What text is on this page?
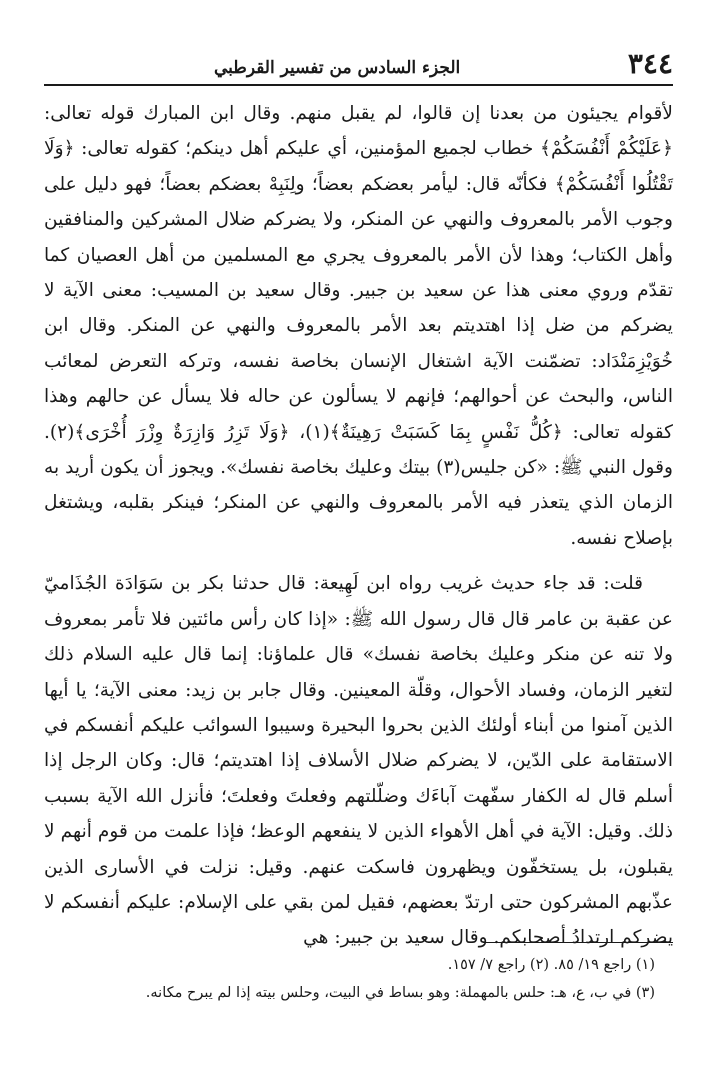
٣٤٤
الجزء السادس من تفسير القرطبي

لأقوام يجيئون من بعدنا إن قالوا، لم يقبل منهم. وقال ابن المبارك قوله تعالى: ﴿عَلَيْكُمْ أَنْفُسَكُمْ﴾ خطاب لجميع المؤمنين، أي عليكم أهل دينكم؛ كقوله تعالى: ﴿وَلَا تَقْتُلُوا أَنْفُسَكُمْ﴾ فكأنّه قال: ليأمر بعضكم بعضاً؛ ولِنَبِهْ بعضكم بعضاً؛ فهو دليل على وجوب الأمر بالمعروف والنهي عن المنكر، ولا يضركم ضلال المشركين والمنافقين وأهل الكتاب؛ وهذا لأن الأمر بالمعروف يجري مع المسلمين من أهل العصيان كما تقدّم وروي معنى هذا عن سعيد بن جبير. وقال سعيد بن المسيب: معنى الآية لا يضركم من ضل إذا اهتديتم بعد الأمر بالمعروف والنهي عن المنكر. وقال ابن خُوَيْزِمَنْدَاد: تضمّنت الآية اشتغال الإنسان بخاصة نفسه، وتركه التعرض لمعائب الناس، والبحث عن أحوالهم؛ فإنهم لا يسألون عن حاله فلا يسأل عن حالهم وهذا كقوله تعالى: ﴿كُلُّ نَفْسٍ بِمَا كَسَبَتْ رَهِينَةٌ﴾(١)، ﴿وَلَا تَزِرُ وَازِرَةٌ وِزْرَ أُخْرَى﴾(٢). وقول النبي ﷺ: «كن جليس(٣) بيتك وعليك بخاصة نفسك». ويجوز أن يكون أريد به الزمان الذي يتعذر فيه الأمر بالمعروف والنهي عن المنكر؛ فينكر بقلبه، ويشتغل بإصلاح نفسه.

قلت: قد جاء حديث غريب رواه ابن لَهِيعة: قال حدثنا بكر بن سَوَادَة الجُذَاميّ عن عقبة بن عامر قال قال رسول الله ﷺ: «إذا كان رأس مائتين فلا تأمر بمعروف ولا تنه عن منكر وعليك بخاصة نفسك» قال علماؤنا: إنما قال عليه السلام ذلك لتغير الزمان، وفساد الأحوال، وقلّة المعينين. وقال جابر بن زيد: معنى الآية؛ يا أيها الذين آمنوا من أبناء أولئك الذين بحروا البحيرة وسيبوا السوائب عليكم أنفسكم في الاستقامة على الدّين، لا يضركم ضلال الأسلاف إذا اهتديتم؛ قال: وكان الرجل إذا أسلم قال له الكفار سفّهت آباءَك وضلّلتهم وفعلتَ وفعلتَ؛ فأنزل الله الآية بسبب ذلك. وقيل: الآية في أهل الأهواء الذين لا ينفعهم الوعظ؛ فإذا علمت من قوم أنهم لا يقبلون، بل يستخفّون ويظهرون فاسكت عنهم. وقيل: نزلت في الأسارى الذين عذّبهم المشركون حتى ارتدّ بعضهم، فقيل لمن بقي على الإسلام: عليكم أنفسكم لا يضركم ارتدادُ أصحابكم. وقال سعيد بن جبير: هي

(١) راجع ١٩/ ٨٥. (٢) راجع ٧/ ١٥٧.

(٣) في ب، ع، هـ: حلس بالمهملة: وهو بساط في البيت، وحلس بيته إذا لم يبرح مكانه.
